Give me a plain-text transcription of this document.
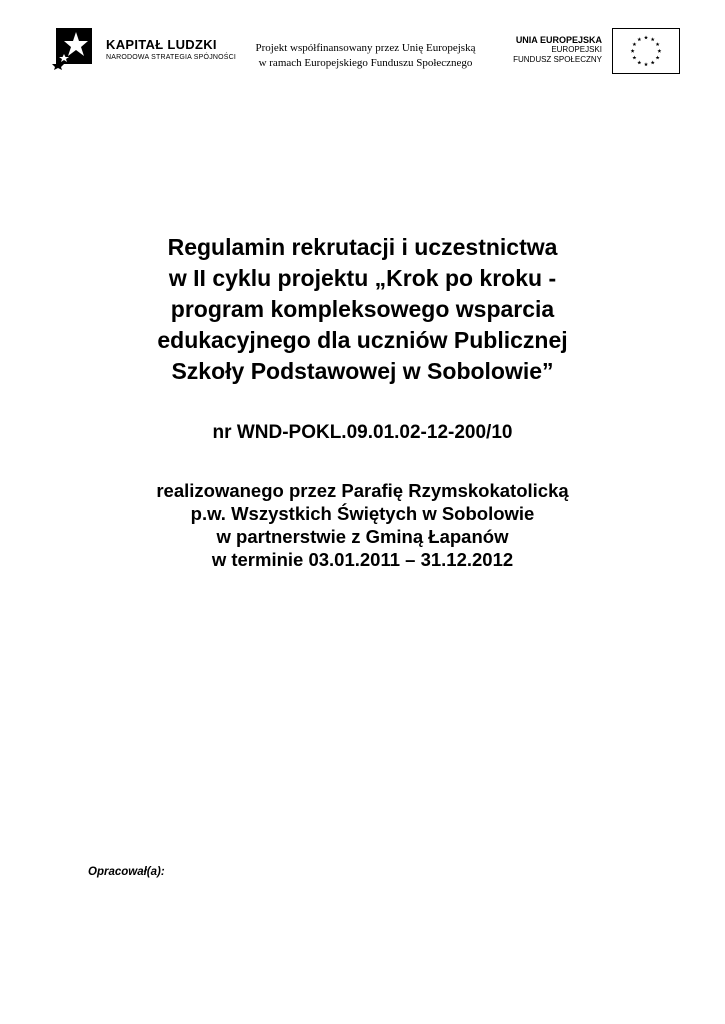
KAPITAŁ LUDZKI
NARODOWA STRATEGIA SPÓJNOŚCI
Projekt współfinansowany przez Unię Europejską
w ramach Europejskiego Funduszu Społecznego
UNIA EUROPEJSKA
EUROPEJSKI
FUNDUSZ SPOŁECZNY
Regulamin rekrutacji i uczestnictwa
w II cyklu projektu „Krok po kroku -
program kompleksowego wsparcia
edukacyjnego dla uczniów Publicznej
Szkoły Podstawowej w Sobolowie”
nr WND-POKL.09.01.02-12-200/10
realizowanego przez Parafię Rzymskokatolicką
p.w. Wszystkich Świętych w Sobolowie
w partnerstwie z Gminą Łapanów
w terminie 03.01.2011 – 31.12.2012
Opracował(a):
